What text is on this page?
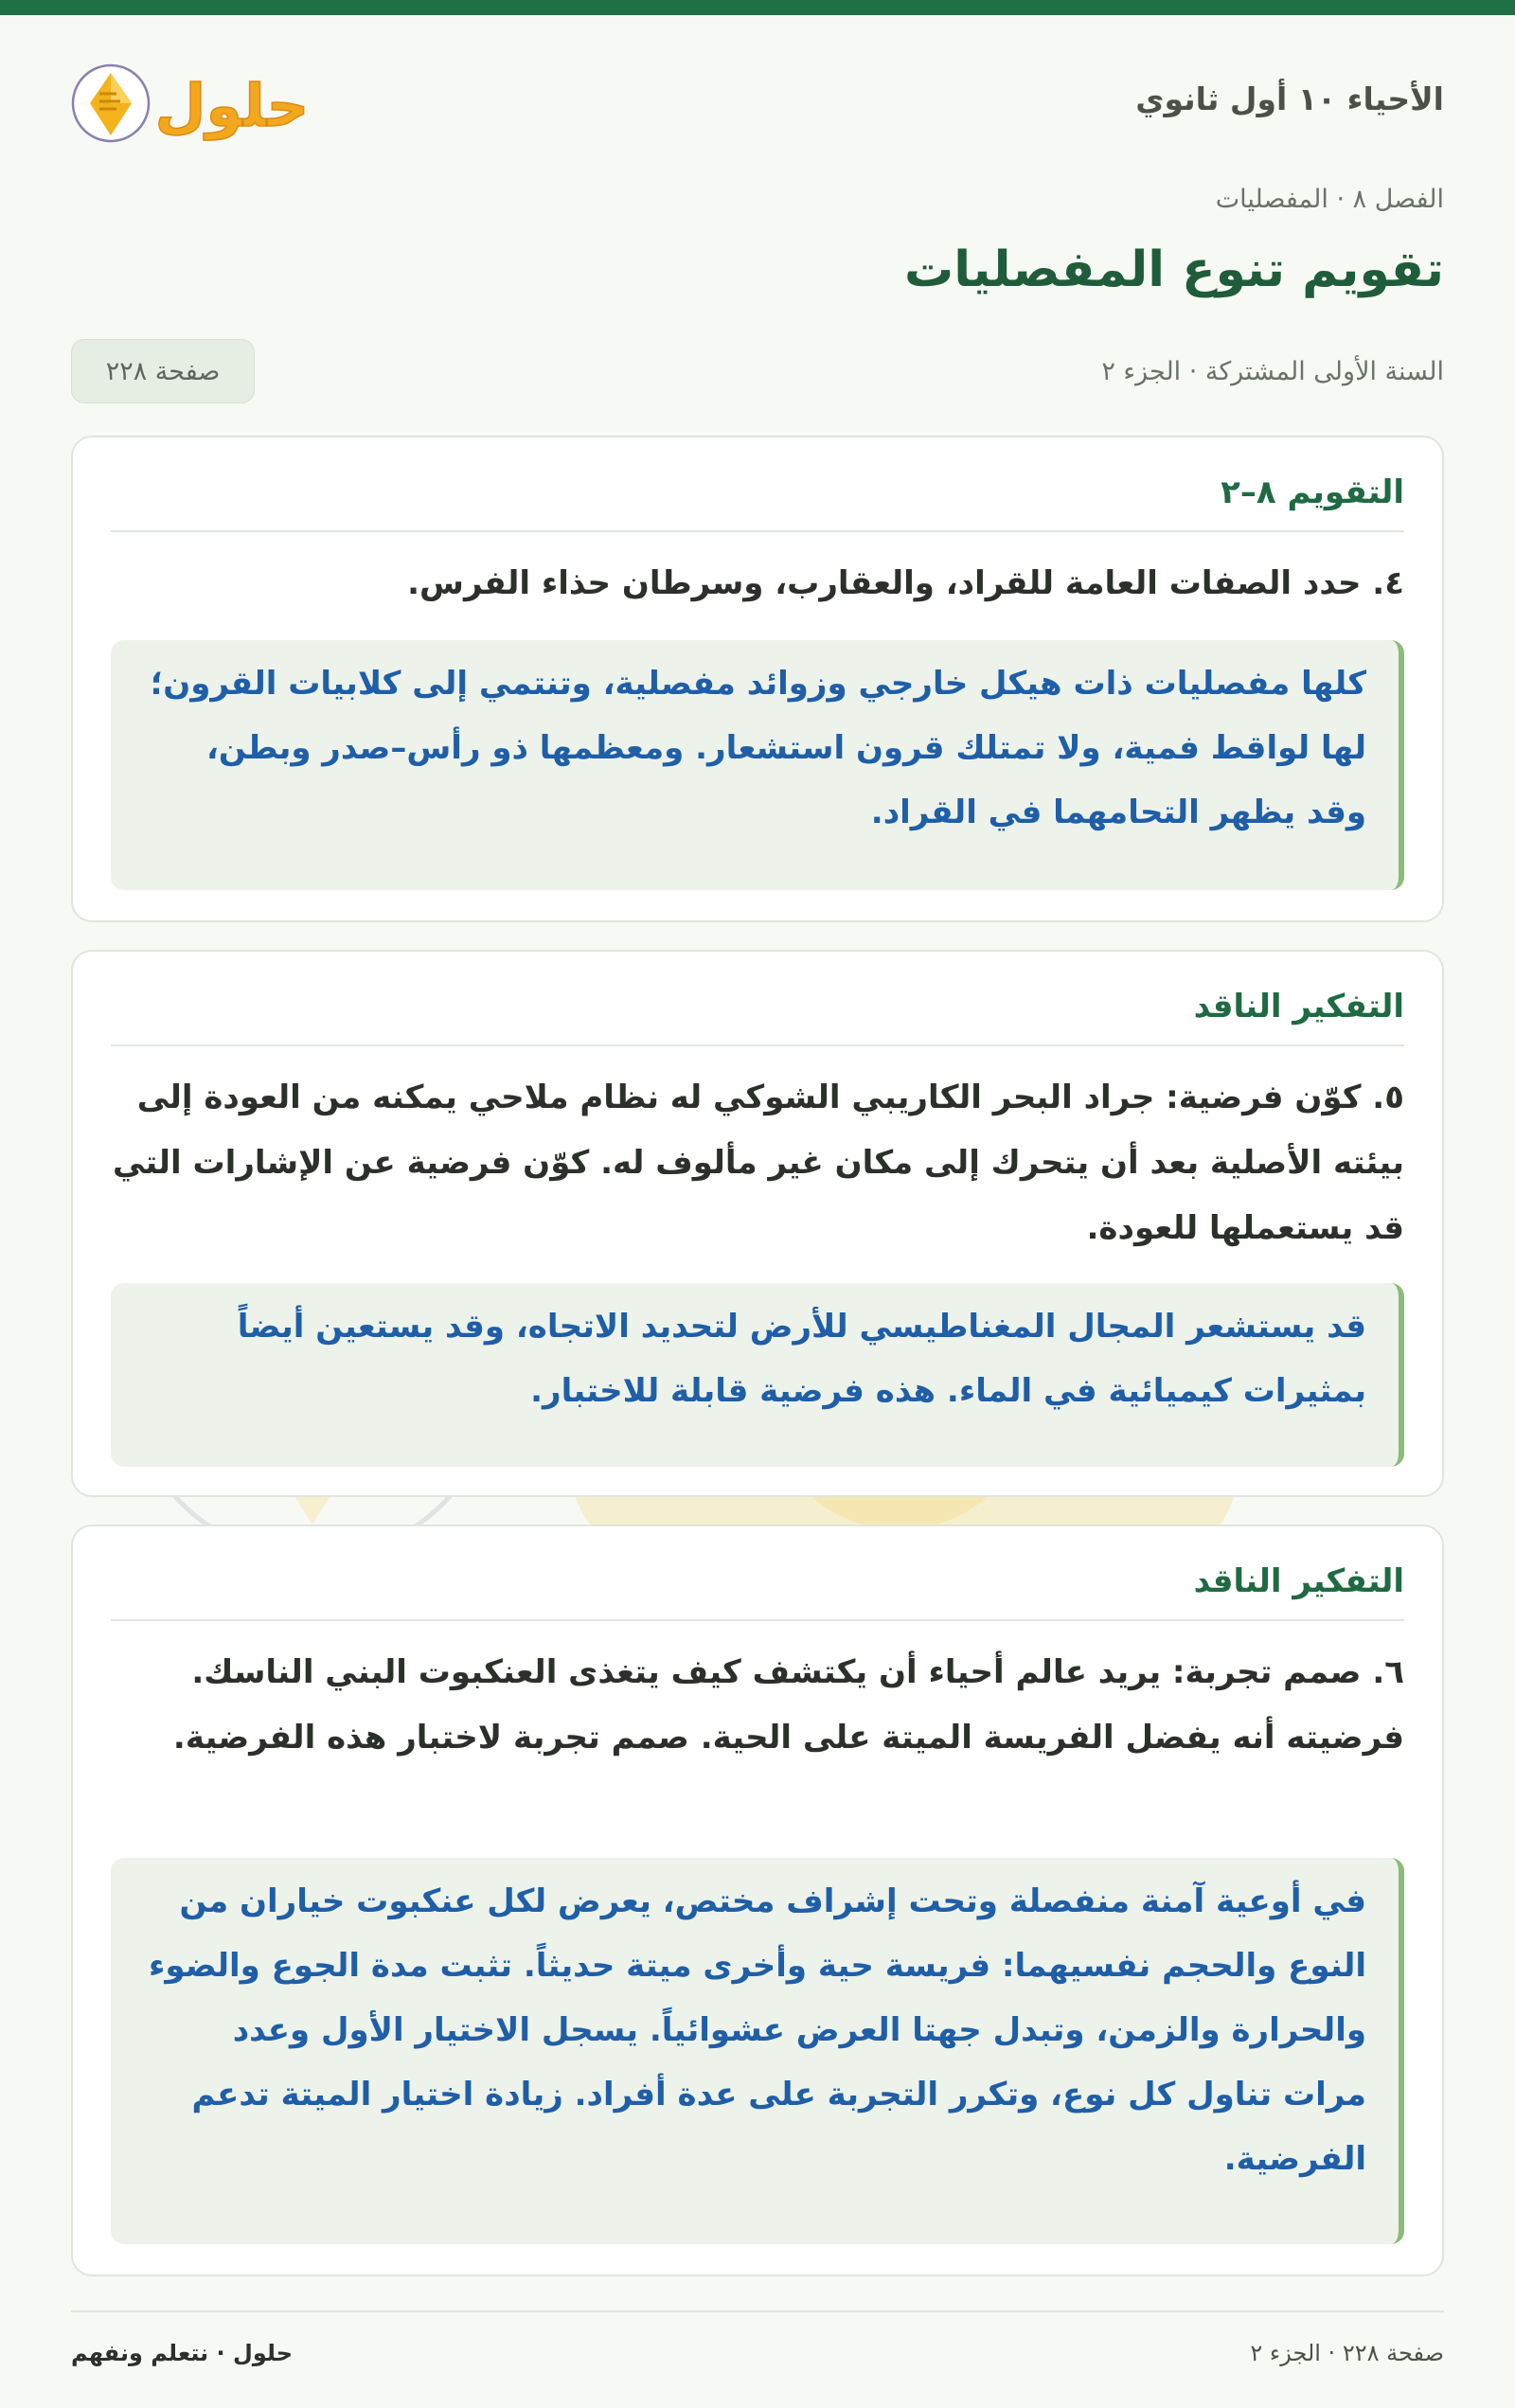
الأحياء ١٠ أول ثانوي
حلول
الفصل ٨ · المفصليات
تقويم تنوع المفصليات
السنة الأولى المشتركة · الجزء ٢
صفحة ٢٢٨
التقويم ٨–٢

٤. حدد الصفات العامة للقراد، والعقارب، وسرطان حذاء الفرس.

كلها مفصليات ذات هيكل خارجي وزوائد مفصلية، وتنتمي إلى كلابيات القرون؛ لها لواقط فمية، ولا تمتلك قرون استشعار. ومعظمها ذو رأس–صدر وبطن، وقد يظهر التحامهما في القراد.
التفكير الناقد

٥. كوّن فرضية: جراد البحر الكاريبي الشوكي له نظام ملاحي يمكنه من العودة إلى بيئته الأصلية بعد أن يتحرك إلى مكان غير مألوف له. كوّن فرضية عن الإشارات التي قد يستعملها للعودة.

قد يستشعر المجال المغناطيسي للأرض لتحديد الاتجاه، وقد يستعين أيضاً بمثيرات كيميائية في الماء. هذه فرضية قابلة للاختبار.
التفكير الناقد

٦. صمم تجربة: يريد عالم أحياء أن يكتشف كيف يتغذى العنكبوت البني الناسك. فرضيته أنه يفضل الفريسة الميتة على الحية. صمم تجربة لاختبار هذه الفرضية.

في أوعية آمنة منفصلة وتحت إشراف مختص، يعرض لكل عنكبوت خياران من النوع والحجم نفسيهما: فريسة حية وأخرى ميتة حديثاً. تثبت مدة الجوع والضوء والحرارة والزمن، وتبدل جهتا العرض عشوائياً. يسجل الاختيار الأول وعدد مرات تناول كل نوع، وتكرر التجربة على عدة أفراد. زيادة اختيار الميتة تدعم الفرضية.
صفحة ٢٢٨ · الجزء ٢
حلول · نتعلم ونفهم
